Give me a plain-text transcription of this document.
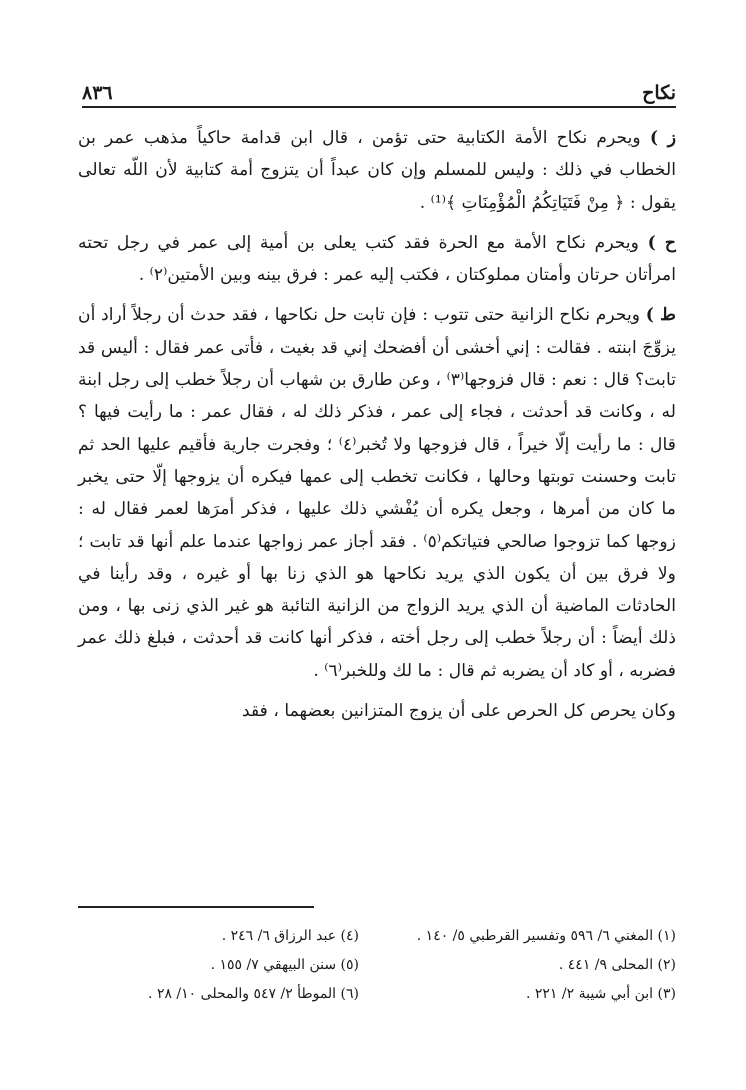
نكاح
٨٣٦

ز ) ويحرم نكاح الأمة الكتابية حتى تؤمن ، قال ابن قدامة حاكياً مذهب عمر بن الخطاب في ذلك : وليس للمسلم وإن كان عبداً أن يتزوج أمة كتابية لأن اللّه تعالى يقول : ﴿ مِنْ فَتَيَاتِكُمُ الْمُؤْمِنَاتِ ﴾⁽¹⁾ .

ح ) ويحرم نكاح الأمة مع الحرة فقد كتب يعلى بن أمية إلى عمر في رجل تحته امرأتان حرتان وأمتان مملوكتان ، فكتب إليه عمر : فرق بينه وبين الأمتين⁽٢⁾ .

ط ) ويحرم نكاح الزانية حتى تتوب : فإن تابت حل نكاحها ، فقد حدث أن رجلاً أراد أن يزوِّجَ ابنته . فقالت : إني أخشى أن أفضحك إني قد بغيت ، فأتى عمر فقال : أليس قد تابت؟ قال : نعم : قال فزوجها⁽٣⁾ ، وعن طارق بن شهاب أن رجلاً خطب إلى رجل ابنة له ، وكانت قد أحدثت ، فجاء إلى عمر ، فذكر ذلك له ، فقال عمر : ما رأيت فيها ؟ قال : ما رأيت إلّا خيراً ، قال فزوجها ولا تُخبر⁽٤⁾ ؛ وفجرت جارية فأقيم عليها الحد ثم تابت وحسنت توبتها وحالها ، فكانت تخطب إلى عمها فيكره أن يزوجها إلّا حتى يخبر ما كان من أمرها ، وجعل يكره أن يُفْشي ذلك عليها ، فذكر أمرَها لعمر فقال له : زوجها كما تزوجوا صالحي فتياتكم⁽٥⁾ . فقد أجاز عمر زواجها عندما علم أنها قد تابت ؛ ولا فرق بين أن يكون الذي يريد نكاحها هو الذي زنا بها أو غيره ، وقد رأينا في الحادثات الماضية أن الذي يريد الزواج من الزانية التائبة هو غير الذي زنى بها ، ومن ذلك أيضاً : أن رجلاً خطب إلى رجل أخته ، فذكر أنها كانت قد أحدثت ، فبلغ ذلك عمر فضربه ، أو كاد أن يضربه ثم قال : ما لك وللخبر⁽٦⁾ .

وكان يحرص كل الحرص على أن يزوج المتزانين بعضهما ، فقد

(١) المغني ٦/ ٥٩٦ وتفسير القرطبي ٥/ ١٤٠ .
(٤) عبد الرزاق ٦/ ٢٤٦ .
(٢) المحلى ٩/ ٤٤١ .
(٥) سنن البيهقي ٧/ ١٥٥ .
(٣) ابن أبي شيبة ٢/ ٢٢١ .
(٦) الموطأ ٢/ ٥٤٧ والمحلى ١٠/ ٢٨ .
